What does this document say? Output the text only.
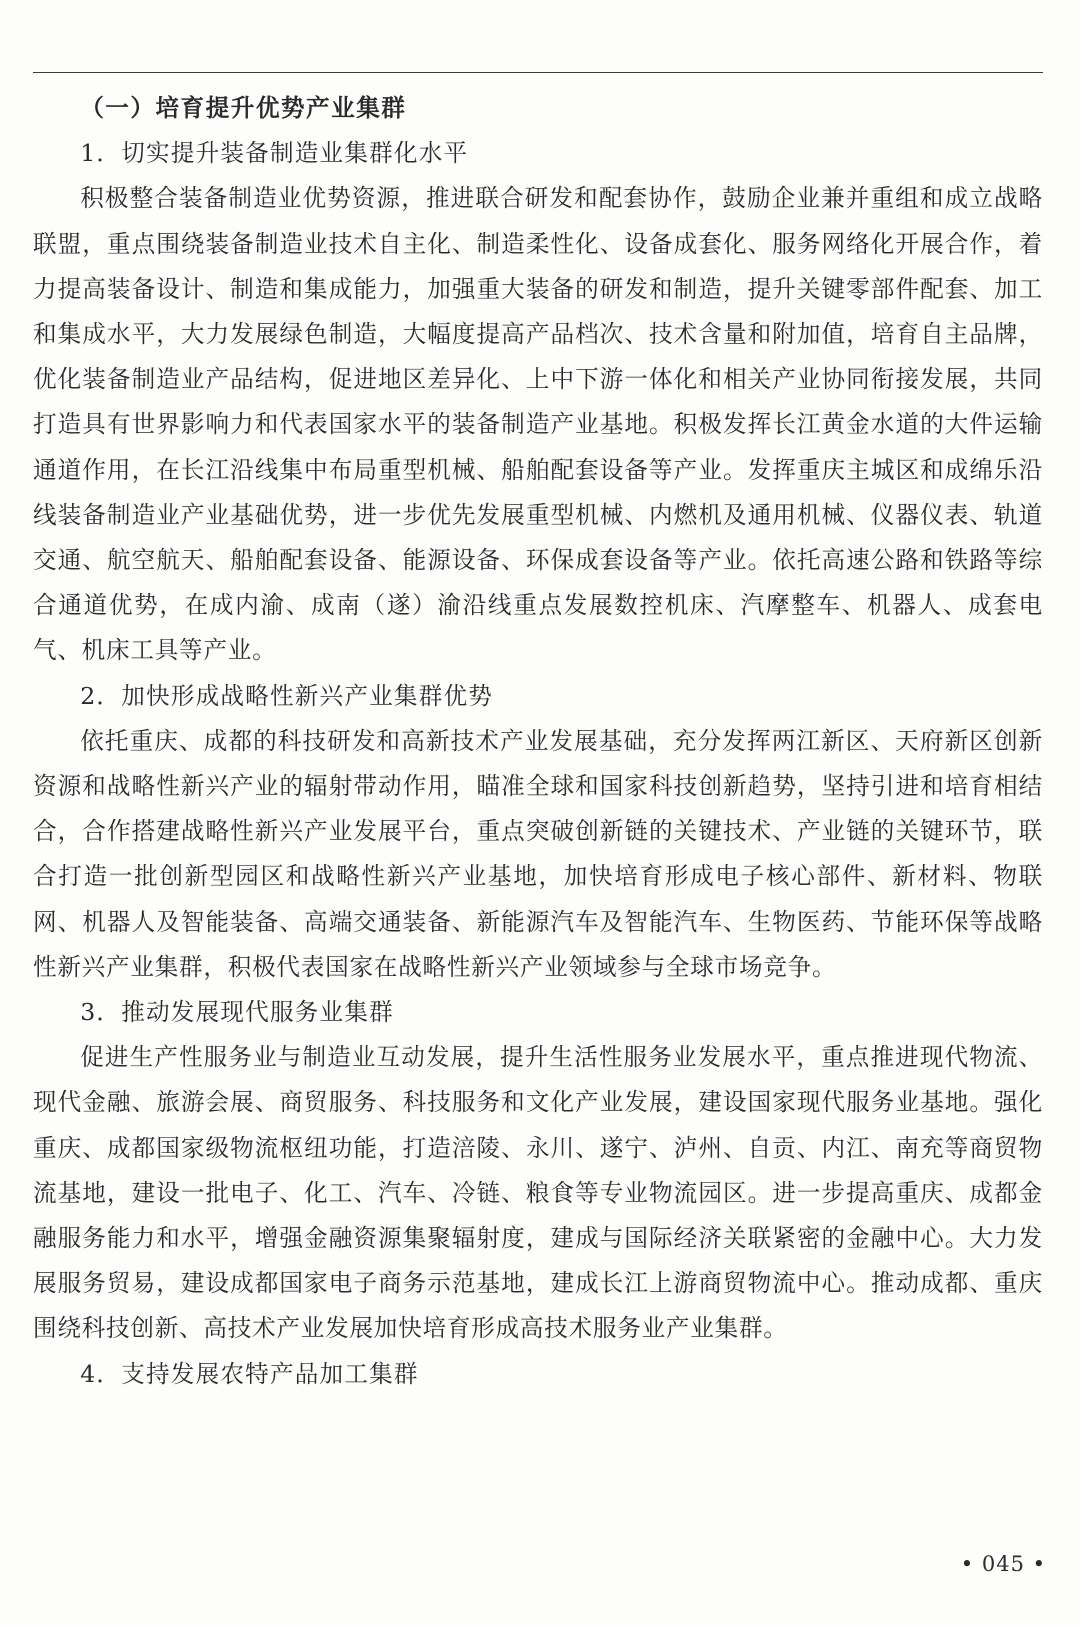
（一）培育提升优势产业集群

1．切实提升装备制造业集群化水平

积极整合装备制造业优势资源，推进联合研发和配套协作，鼓励企业兼并重组和成立战略联盟，重点围绕装备制造业技术自主化、制造柔性化、设备成套化、服务网络化开展合作，着力提高装备设计、制造和集成能力，加强重大装备的研发和制造，提升关键零部件配套、加工和集成水平，大力发展绿色制造，大幅度提高产品档次、技术含量和附加值，培育自主品牌，优化装备制造业产品结构，促进地区差异化、上中下游一体化和相关产业协同衔接发展，共同打造具有世界影响力和代表国家水平的装备制造产业基地。积极发挥长江黄金水道的大件运输通道作用，在长江沿线集中布局重型机械、船舶配套设备等产业。发挥重庆主城区和成绵乐沿线装备制造业产业基础优势，进一步优先发展重型机械、内燃机及通用机械、仪器仪表、轨道交通、航空航天、船舶配套设备、能源设备、环保成套设备等产业。依托高速公路和铁路等综合通道优势，在成内渝、成南（遂）渝沿线重点发展数控机床、汽摩整车、机器人、成套电气、机床工具等产业。

2．加快形成战略性新兴产业集群优势

依托重庆、成都的科技研发和高新技术产业发展基础，充分发挥两江新区、天府新区创新资源和战略性新兴产业的辐射带动作用，瞄准全球和国家科技创新趋势，坚持引进和培育相结合，合作搭建战略性新兴产业发展平台，重点突破创新链的关键技术、产业链的关键环节，联合打造一批创新型园区和战略性新兴产业基地，加快培育形成电子核心部件、新材料、物联网、机器人及智能装备、高端交通装备、新能源汽车及智能汽车、生物医药、节能环保等战略性新兴产业集群，积极代表国家在战略性新兴产业领域参与全球市场竞争。

3．推动发展现代服务业集群

促进生产性服务业与制造业互动发展，提升生活性服务业发展水平，重点推进现代物流、现代金融、旅游会展、商贸服务、科技服务和文化产业发展，建设国家现代服务业基地。强化重庆、成都国家级物流枢纽功能，打造涪陵、永川、遂宁、泸州、自贡、内江、南充等商贸物流基地，建设一批电子、化工、汽车、冷链、粮食等专业物流园区。进一步提高重庆、成都金融服务能力和水平，增强金融资源集聚辐射度，建成与国际经济关联紧密的金融中心。大力发展服务贸易，建设成都国家电子商务示范基地，建成长江上游商贸物流中心。推动成都、重庆围绕科技创新、高技术产业发展加快培育形成高技术服务业产业集群。

4．支持发展农特产品加工集群

• 045 •
